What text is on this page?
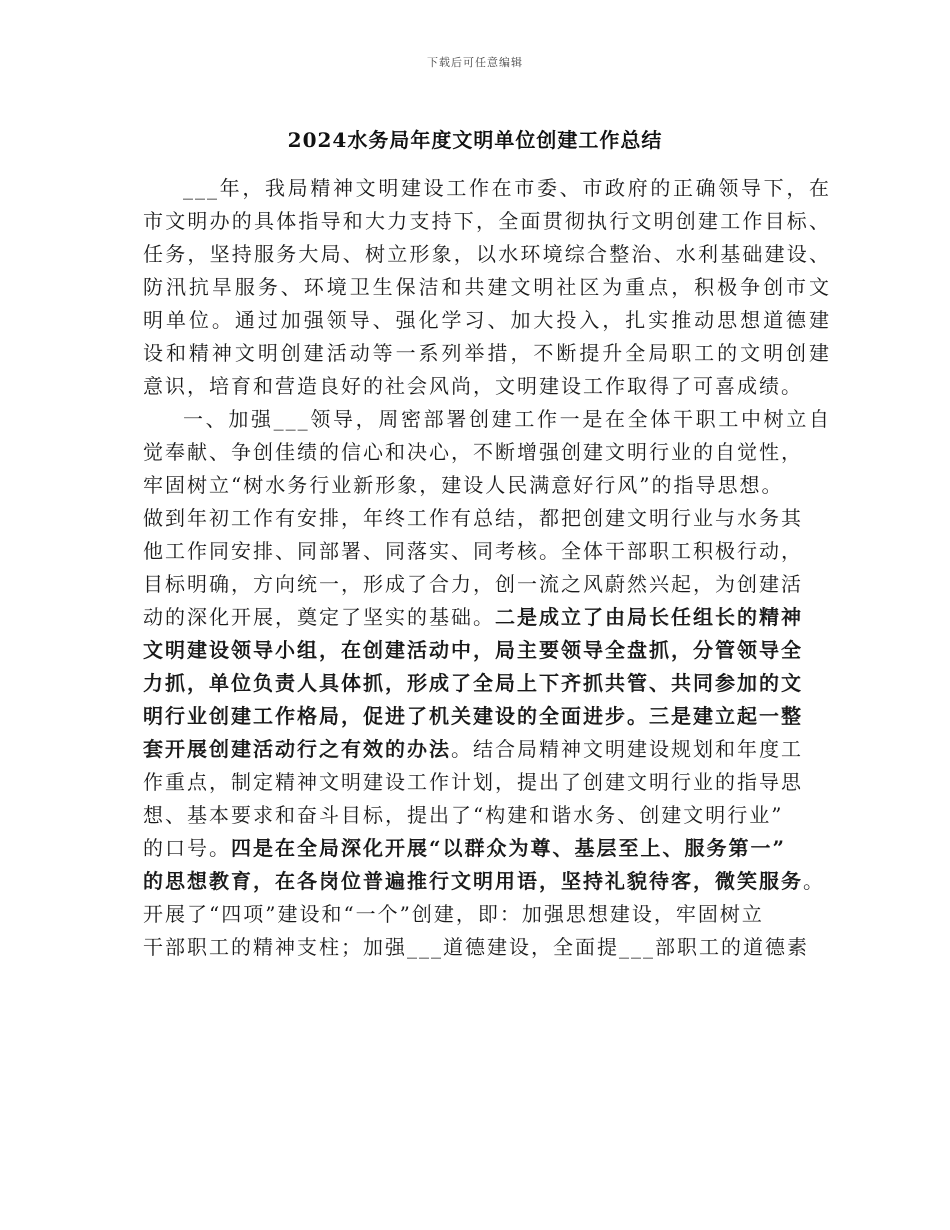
下载后可任意编辑
2024水务局年度文明单位创建工作总结
___年，我局精神文明建设工作在市委、市政府的正确领导下，在
市文明办的具体指导和大力支持下，全面贯彻执行文明创建工作目标、
任务，坚持服务大局、树立形象，以水环境综合整治、水利基础建设、
防汛抗旱服务、环境卫生保洁和共建文明社区为重点，积极争创市文
明单位。通过加强领导、强化学习、加大投入，扎实推动思想道德建
设和精神文明创建活动等一系列举措，不断提升全局职工的文明创建
意识，培育和营造良好的社会风尚，文明建设工作取得了可喜成绩。
一、加强___领导，周密部署创建工作一是在全体干职工中树立自
觉奉献、争创佳绩的信心和决心，不断增强创建文明行业的自觉性，
牢固树立“树水务行业新形象，建设人民满意好行风”的指导思想。
做到年初工作有安排，年终工作有总结，都把创建文明行业与水务其
他工作同安排、同部署、同落实、同考核。全体干部职工积极行动，
目标明确，方向统一，形成了合力，创一流之风蔚然兴起，为创建活
动的深化开展，奠定了坚实的基础。二是成立了由局长任组长的精神
文明建设领导小组，在创建活动中，局主要领导全盘抓，分管领导全
力抓，单位负责人具体抓，形成了全局上下齐抓共管、共同参加的文
明行业创建工作格局，促进了机关建设的全面进步。三是建立起一整
套开展创建活动行之有效的办法。结合局精神文明建设规划和年度工
作重点，制定精神文明建设工作计划，提出了创建文明行业的指导思
想、基本要求和奋斗目标，提出了“构建和谐水务、创建文明行业”
的口号。四是在全局深化开展“以群众为尊、基层至上、服务第一”
的思想教育，在各岗位普遍推行文明用语，坚持礼貌待客，微笑服务。
开展了“四项”建设和“一个”创建，即：加强思想建设，牢固树立
干部职工的精神支柱；加强___道德建设，全面提___部职工的道德素
